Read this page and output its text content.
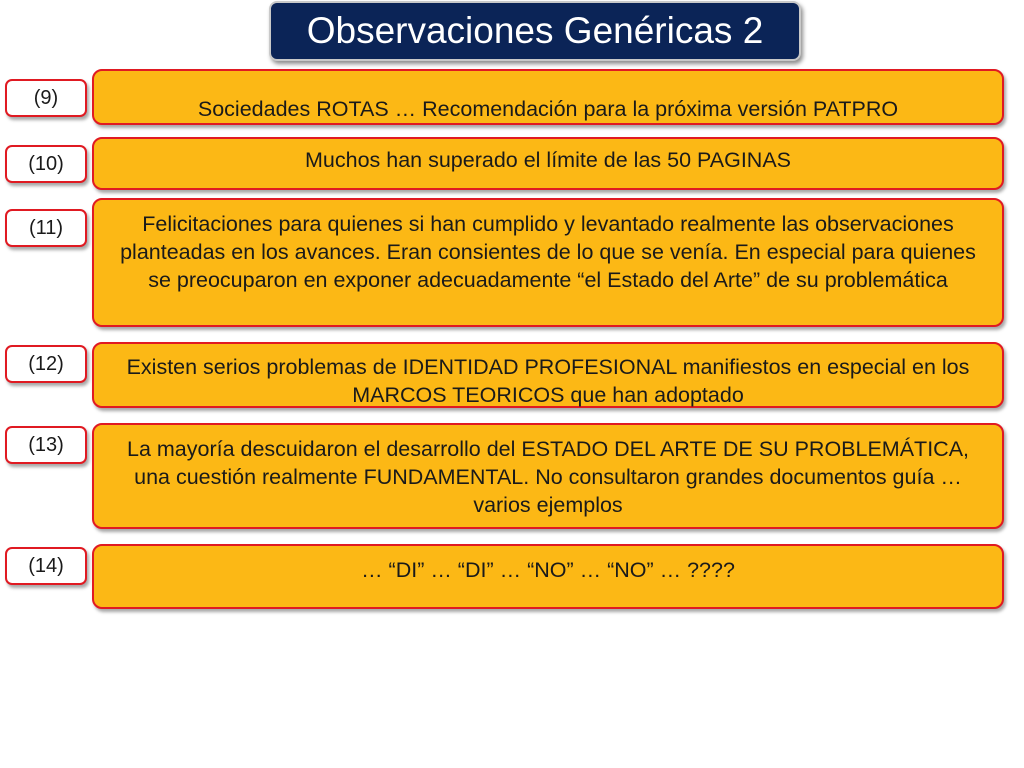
Observaciones Genéricas 2
(9)	Sociedades ROTAS … Recomendación para la próxima versión PATPRO
(10)	Muchos han superado el límite de las 50 PAGINAS
(11)	Felicitaciones para quienes si han cumplido y levantado realmente las observaciones planteadas en los avances. Eran consientes de lo que se venía. En especial para quienes se preocuparon en exponer adecuadamente “el Estado del Arte” de su problemática
(12)	Existen serios problemas de IDENTIDAD PROFESIONAL manifiestos en especial en los MARCOS TEORICOS que han adoptado
(13)	La mayoría descuidaron el desarrollo del ESTADO DEL ARTE DE SU PROBLEMÁTICA, una cuestión realmente FUNDAMENTAL. No consultaron grandes documentos guía … varios ejemplos
(14)	… “DI” … “DI” … “NO” … “NO” … ????
